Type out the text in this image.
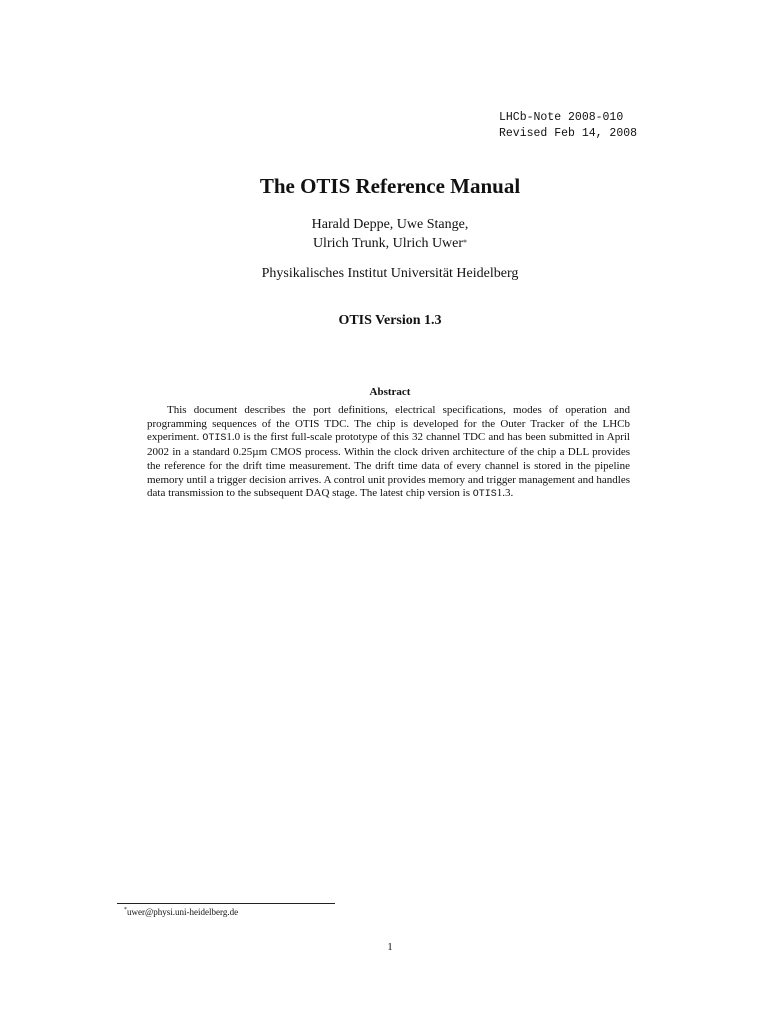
LHCb-Note 2008-010
Revised Feb 14, 2008
The OTIS Reference Manual
Harald Deppe, Uwe Stange,
Ulrich Trunk, Ulrich Uwer*
Physikalisches Institut Universität Heidelberg
OTIS Version 1.3
Abstract

This document describes the port definitions, electrical specifications, modes of operation and programming sequences of the OTIS TDC. The chip is developed for the Outer Tracker of the LHCb experiment. OTIS1.0 is the first full-scale prototype of this 32 channel TDC and has been submitted in April 2002 in a standard 0.25µm CMOS process. Within the clock driven architecture of the chip a DLL provides the reference for the drift time measurement. The drift time data of every channel is stored in the pipeline memory until a trigger decision arrives. A control unit provides memory and trigger management and handles data transmission to the subsequent DAQ stage. The latest chip version is OTIS1.3.

*uwer@physi.uni-heidelberg.de
1
